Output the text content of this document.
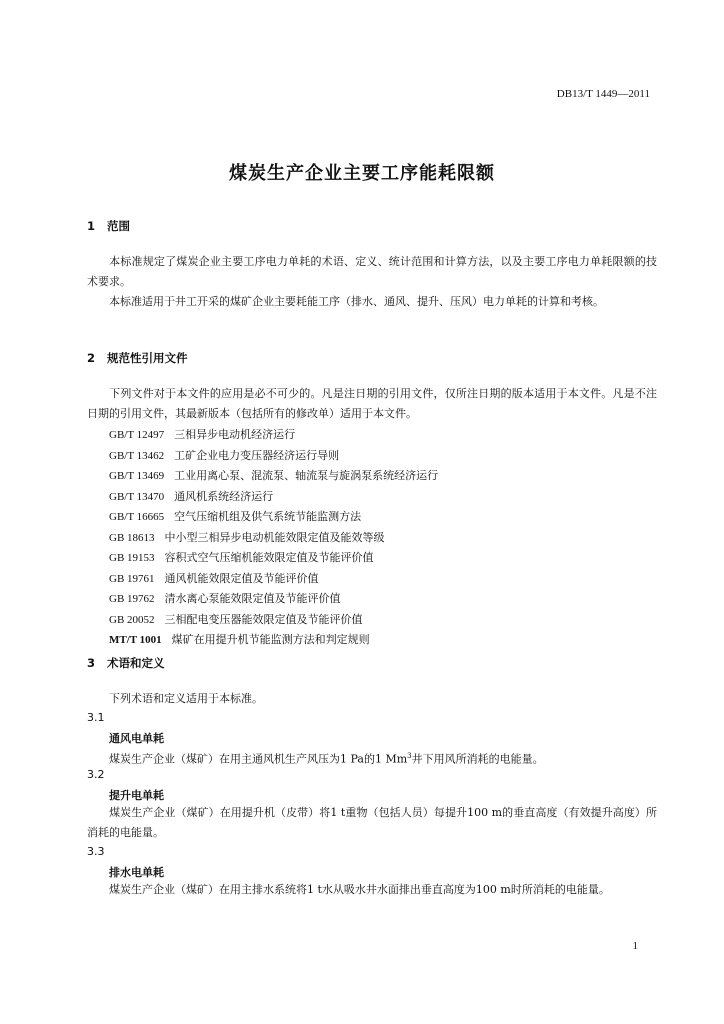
DB13/T 1449—2011
煤炭生产企业主要工序能耗限额
1 范围
本标准规定了煤炭企业主要工序电力单耗的术语、定义、统计范围和计算方法，以及主要工序电力单耗限额的技术要求。
本标准适用于井工开采的煤矿企业主要耗能工序（排水、通风、提升、压风）电力单耗的计算和考核。
2 规范性引用文件
下列文件对于本文件的应用是必不可少的。凡是注日期的引用文件，仅所注日期的版本适用于本文件。凡是不注日期的引用文件，其最新版本（包括所有的修改单）适用于本文件。
GB/T 12497 三相异步电动机经济运行
GB/T 13462 工矿企业电力变压器经济运行导则
GB/T 13469 工业用离心泵、混流泵、轴流泵与旋涡泵系统经济运行
GB/T 13470 通风机系统经济运行
GB/T 16665 空气压缩机组及供气系统节能监测方法
GB 18613 中小型三相异步电动机能效限定值及能效等级
GB 19153 容积式空气压缩机能效限定值及节能评价值
GB 19761 通风机能效限定值及节能评价值
GB 19762 清水离心泵能效限定值及节能评价值
GB 20052 三相配电变压器能效限定值及节能评价值
MT/T 1001 煤矿在用提升机节能监测方法和判定规则
3 术语和定义
下列术语和定义适用于本标准。
3.1
通风电单耗
煤炭生产企业（煤矿）在用主通风机生产风压为1 Pa的1 Mm$^3$井下用风所消耗的电能量。
3.2
提升电单耗
煤炭生产企业（煤矿）在用提升机（皮带）将1 t重物（包括人员）每提升100 m的垂直高度（有效提升高度）所消耗的电能量。
3.3
排水电单耗
煤炭生产企业（煤矿）在用主排水系统将1 t水从吸水井水面排出垂直高度为100 m时所消耗的电能量。
1
